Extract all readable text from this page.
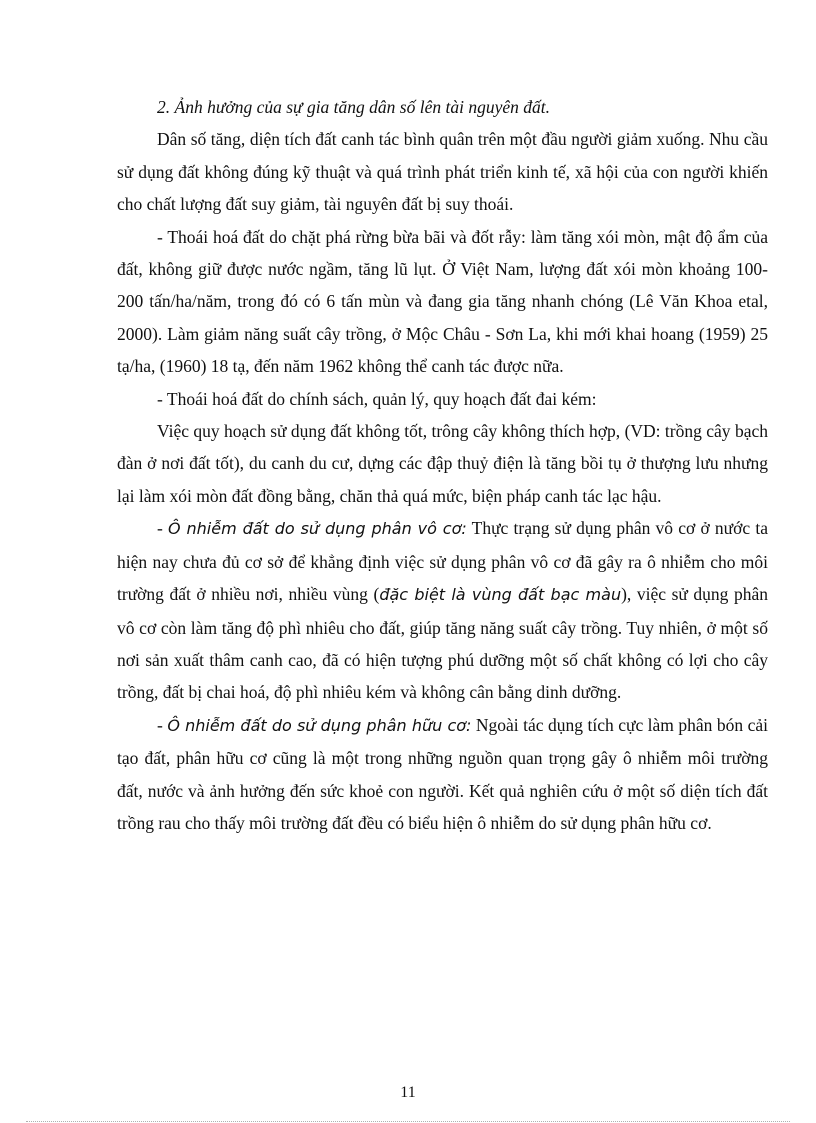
2. Ảnh hưởng của sự gia tăng dân số lên tài nguyên đất.

Dân số tăng, diện tích đất canh tác bình quân trên một đầu người giảm xuống. Nhu cầu sử dụng đất không đúng kỹ thuật và quá trình phát triển kinh tế, xã hội của con người khiến cho chất lượng đất suy giảm, tài nguyên đất bị suy thoái.

- Thoái hoá đất do chặt phá rừng bừa bãi và đốt rẫy: làm tăng xói mòn, mật độ ẩm của đất, không giữ được nước ngầm, tăng lũ lụt. Ở Việt Nam, lượng đất xói mòn khoảng 100-200 tấn/ha/năm, trong đó có 6 tấn mùn và đang gia tăng nhanh chóng (Lê Văn Khoa etal, 2000). Làm giảm năng suất cây trồng, ở Mộc Châu - Sơn La, khi mới khai hoang (1959) 25 tạ/ha, (1960) 18 tạ, đến năm 1962 không thể canh tác được nữa.

- Thoái hoá đất do chính sách, quản lý, quy hoạch đất đai kém:

Việc quy hoạch sử dụng đất không tốt, trông cây không thích hợp, (VD: trồng cây bạch đàn ở nơi đất tốt), du canh du cư, dựng các đập thuỷ điện là tăng bồi tụ ở thượng lưu nhưng lại làm xói mòn đất đồng bằng, chăn thả quá mức, biện pháp canh tác lạc hậu.

- Ô nhiễm đất do sử dụng phân vô cơ: Thực trạng sử dụng phân vô cơ ở nước ta hiện nay chưa đủ cơ sở để khẳng định việc sử dụng phân vô cơ đã gây ra ô nhiễm cho môi trường đất ở nhiều nơi, nhiều vùng (đặc biệt là vùng đất bạc màu), việc sử dụng phân vô cơ còn làm tăng độ phì nhiêu cho đất, giúp tăng năng suất cây trồng. Tuy nhiên, ở một số nơi sản xuất thâm canh cao, đã có hiện tượng phú dưỡng một số chất không có lợi cho cây trồng, đất bị chai hoá, độ phì nhiêu kém và không cân bằng dinh dưỡng.

- Ô nhiễm đất do sử dụng phân hữu cơ: Ngoài tác dụng tích cực làm phân bón cải tạo đất, phân hữu cơ cũng là một trong những nguồn quan trọng gây ô nhiễm môi trường đất, nước và ảnh hưởng đến sức khoẻ con người. Kết quả nghiên cứu ở một số diện tích đất trồng rau cho thấy môi trường đất đều có biểu hiện ô nhiễm do sử dụng phân hữu cơ.

11
